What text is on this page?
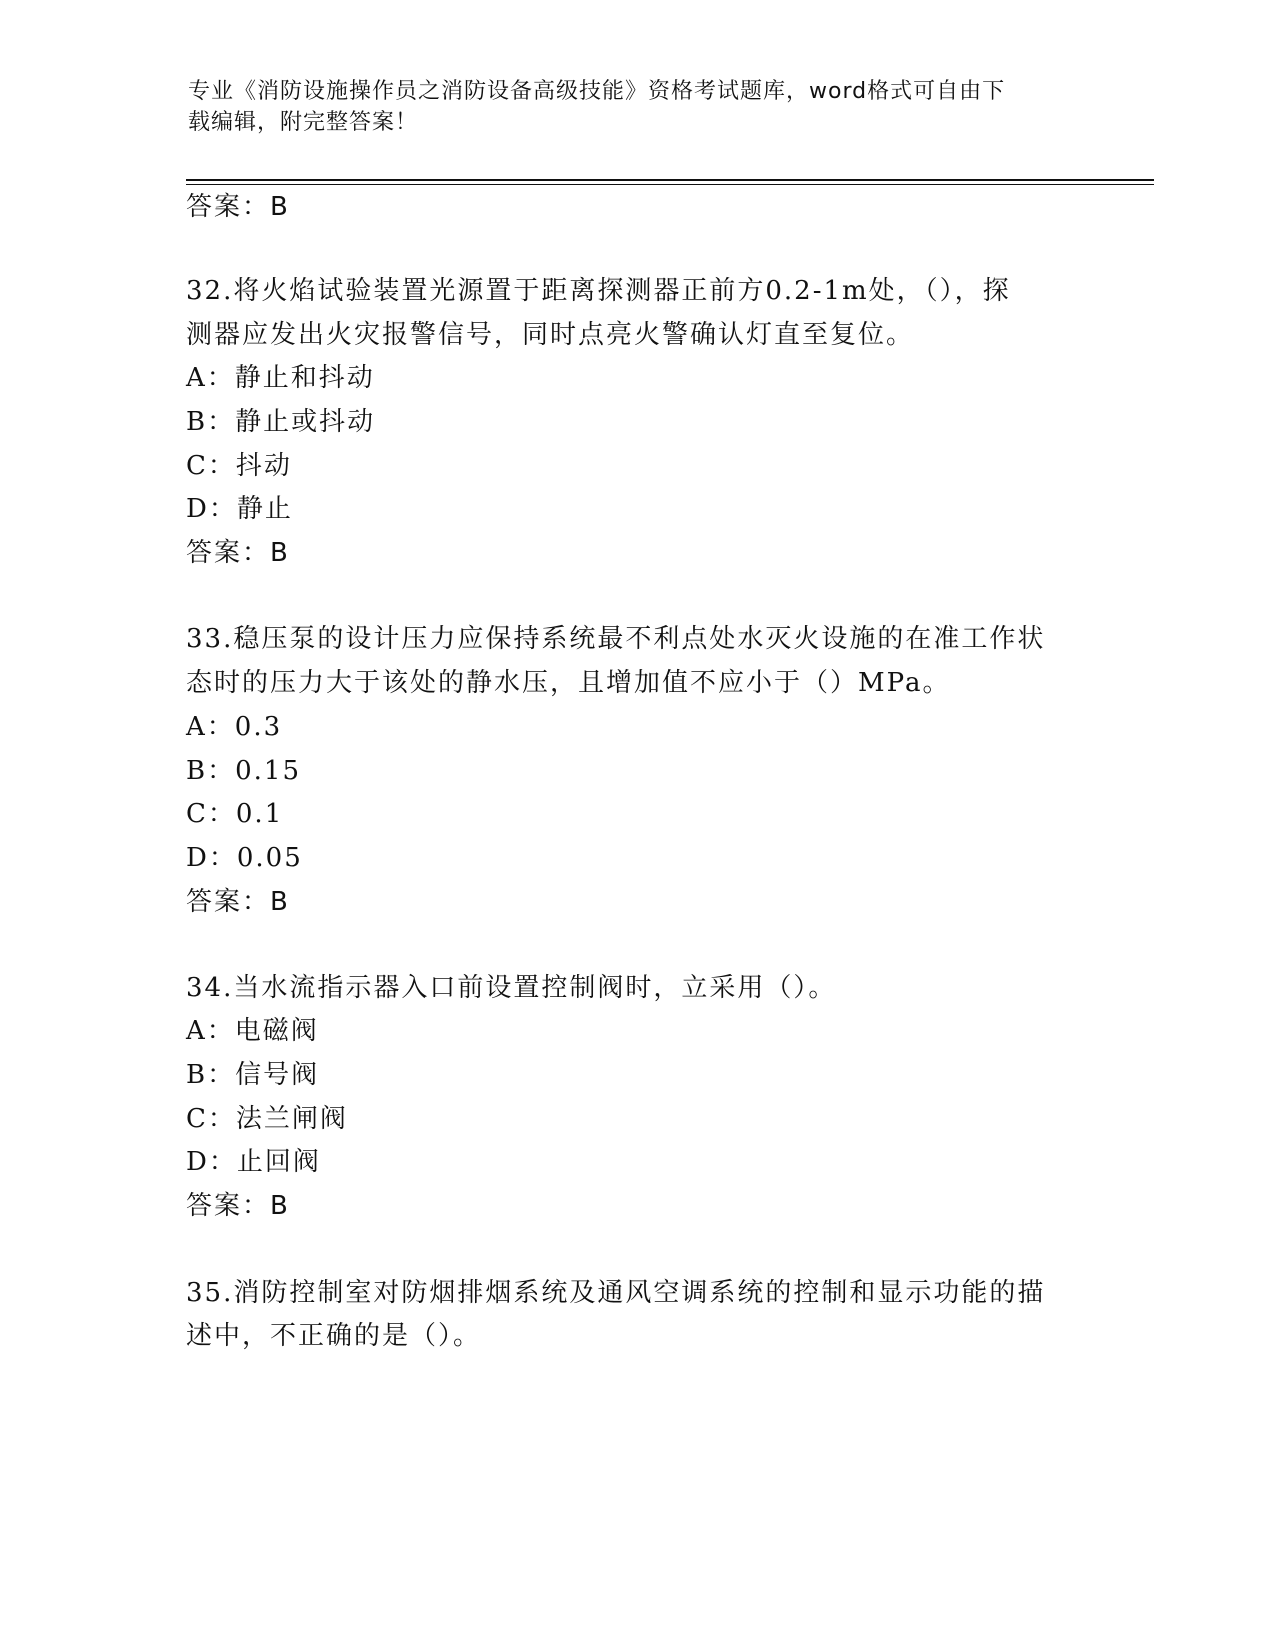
专业《消防设施操作员之消防设备高级技能》资格考试题库，word格式可自由下
载编辑，附完整答案！
答案：B
32.将火焰试验装置光源置于距离探测器正前方0.2-1m处，（），探
测器应发出火灾报警信号，同时点亮火警确认灯直至复位。
A：静止和抖动
B：静止或抖动
C：抖动
D：静止
答案：B
33.稳压泵的设计压力应保持系统最不利点处水灭火设施的在准工作状
态时的压力大于该处的静水压，且增加值不应小于（）MPa。
A：0.3
B：0.15
C：0.1
D：0.05
答案：B
34.当水流指示器入口前设置控制阀时，立采用（）。
A：电磁阀
B：信号阀
C：法兰闸阀
D：止回阀
答案：B
35.消防控制室对防烟排烟系统及通风空调系统的控制和显示功能的描
述中，不正确的是（）。
